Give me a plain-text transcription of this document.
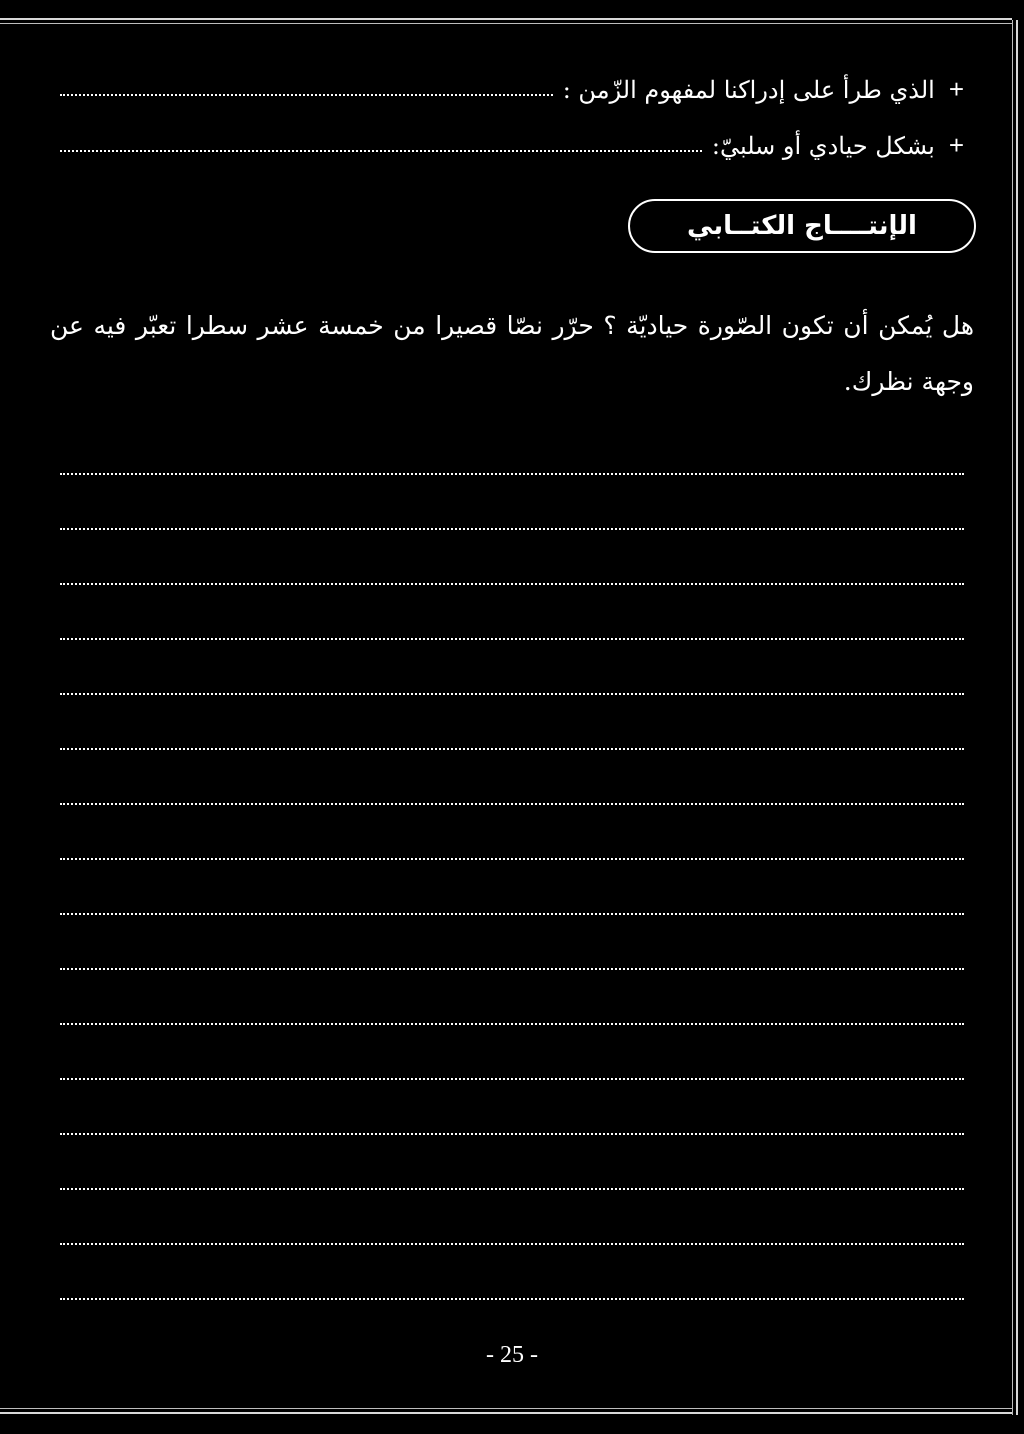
الذي طرأ على إدراكنا لمفهوم الزّمن : +
بشكل حيادي أو سلبيّ: +
الإنتــــاج الكتــابي
هل يُمكن أن تكون الصّورة حياديّة ؟ حرّر نصّا قصيرا من خمسة عشر سطرا تعبّر فيه عن وجهة نظرك.
- 25 -
